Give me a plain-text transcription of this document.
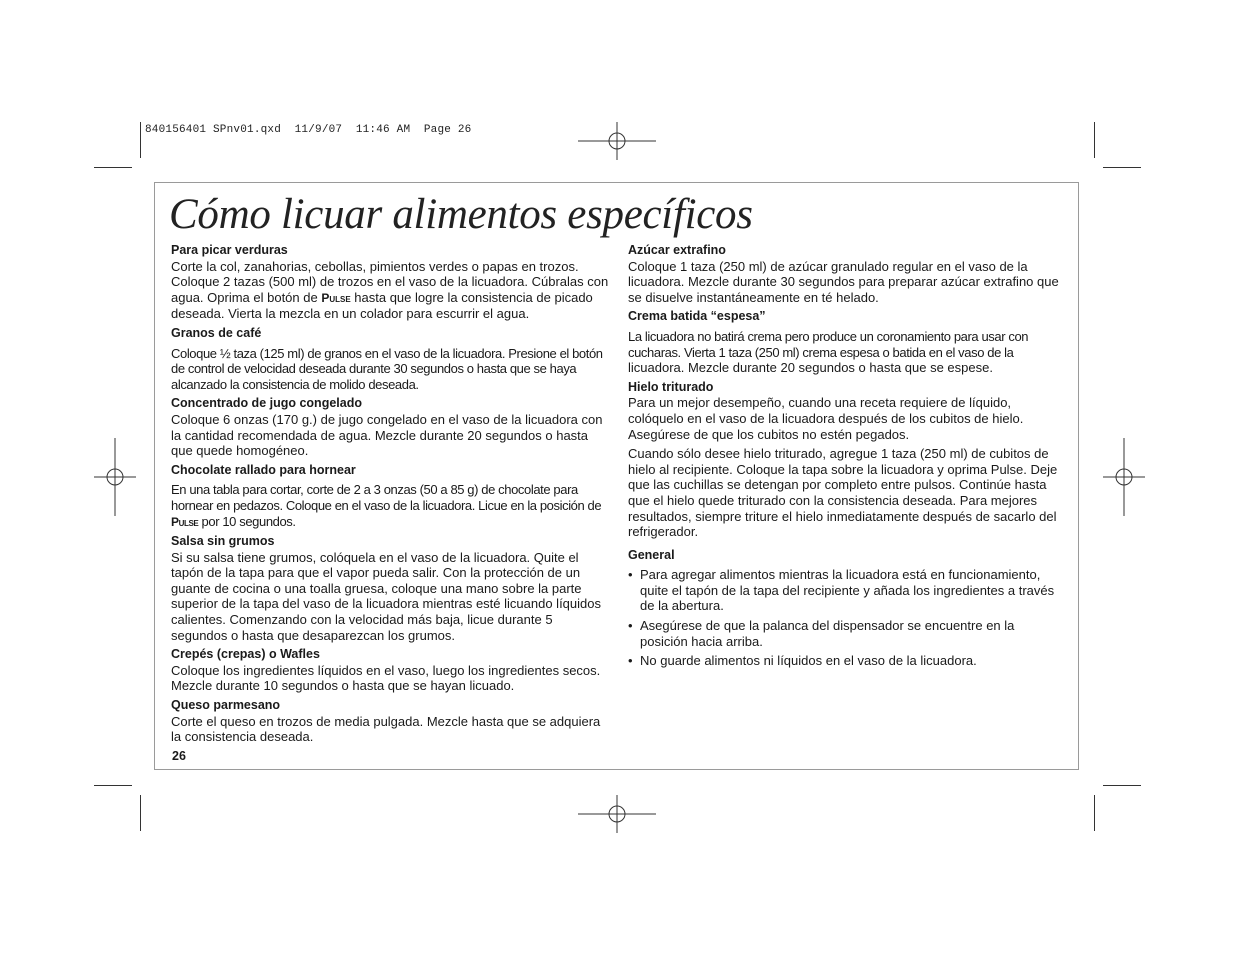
840156401 SPnv01.qxd  11/9/07  11:46 AM  Page 26
Cómo licuar alimentos específicos

Para picar verduras

Corte la col, zanahorias, cebollas, pimientos verdes o papas en trozos. Coloque 2 tazas (500 ml) de trozos en el vaso de la licuadora. Cúbralas con agua. Oprima el botón de Pulse hasta que logre la consistencia de picado deseada. Vierta la mezcla en un colador para escurrir el agua.

Granos de café

Coloque ½ taza (125 ml) de granos en el vaso de la licuadora. Presione el botón de control de velocidad deseada durante 30 segundos o hasta que se haya alcanzado la consistencia de molido deseada.

Concentrado de jugo congelado

Coloque 6 onzas (170 g.) de jugo congelado en el vaso de la licuadora con la cantidad recomendada de agua. Mezcle durante 20 segundos o hasta que quede homogéneo.

Chocolate rallado para hornear

En una tabla para cortar, corte de 2 a 3 onzas (50 a 85 g) de chocolate para hornear en pedazos. Coloque en el vaso de la licuadora. Licue en la posición de Pulse por 10 segundos.

Salsa sin grumos

Si su salsa tiene grumos, colóquela en el vaso de la licuadora. Quite el tapón de la tapa para que el vapor pueda salir. Con la protección de un guante de cocina o una toalla gruesa, coloque una mano sobre la parte superior de la tapa del vaso de la licuadora mientras esté licuando líquidos calientes. Comenzando con la velocidad más baja, licue durante 5 segundos o hasta que desaparezcan los grumos.

Crepés (crepas) o Wafles

Coloque los ingredientes líquidos en el vaso, luego los ingredientes secos. Mezcle durante 10 segundos o hasta que se hayan licuado.

Queso parmesano

Corte el queso en trozos de media pulgada. Mezcle hasta que se adquiera la consistencia deseada.

Azúcar extrafino

Coloque 1 taza (250 ml) de azúcar granulado regular en el vaso de la licuadora. Mezcle durante 30 segundos para preparar azúcar extrafino que se disuelve instantáneamente en té helado.

Crema batida “espesa”

La licuadora no batirá crema pero produce un coronamiento para usar con cucharas. Vierta 1 taza (250 ml) crema espesa o batida en el vaso de la licuadora. Mezcle durante 20 segundos o hasta que se espese.

Hielo triturado

Para un mejor desempeño, cuando una receta requiere de líquido, colóquelo en el vaso de la licuadora después de los cubitos de hielo. Asegúrese de que los cubitos no estén pegados.

Cuando sólo desee hielo triturado, agregue 1 taza (250 ml) de cubitos de hielo al recipiente. Coloque la tapa sobre la licuadora y oprima Pulse. Deje que las cuchillas se detengan por completo entre pulsos. Continúe hasta que el hielo quede triturado con la consistencia deseada. Para mejores resultados, siempre triture el hielo inmediatamente después de sacarlo del refrigerador.

General

• Para agregar alimentos mientras la licuadora está en funcionamiento, quite el tapón de la tapa del recipiente y añada los ingredientes a través de la abertura.
• Asegúrese de que la palanca del dispensador se encuentre en la posición hacia arriba.
• No guarde alimentos ni líquidos en el vaso de la licuadora.
26
